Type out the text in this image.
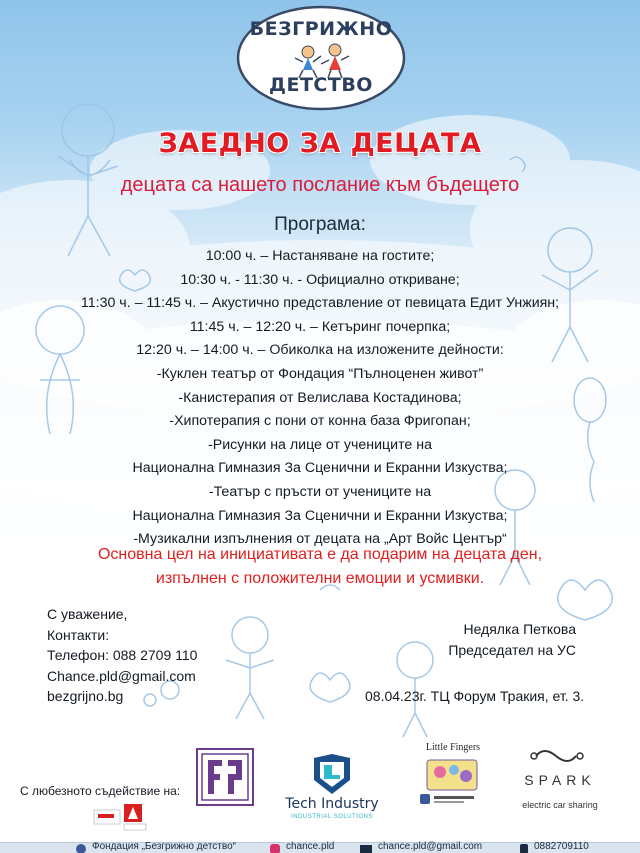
БЕЗГРИЖНО
ДЕТСТВО
ЗАЕДНО ЗА ДЕЦАТА
децата са нашето послание към бъдещето
Програма:
10:00 ч. – Настаняване на гостите;
10:30 ч. - 11:30 ч. - Официално откриване;
11:30 ч. – 11:45 ч. – Акустично представление от певицата Едит Унжиян;
11:45 ч. – 12:20 ч. – Кетъринг почерпка;
12:20 ч. – 14:00 ч. – Обиколка на изложените дейности:
-Куклен театър от Фондация “Пълноценен живот”
-Канистерапия от Велислава Костадинова;
-Хипотерапия с пони от конна база Фригопан;
-Рисунки на лице от учениците на
Национална Гимназия За Сценични и Екранни Изкуства;
-Театър с пръсти от учениците на
Национална Гимназия За Сценични и Екранни Изкуства;
-Музикални изпълнения от децата на „Арт Войс Център“
Основна цел на инициативата е да подарим на децата ден,
изпълнен с положителни емоции и усмивки.
С уважение,
Контакти:
Телефон: 088 2709 110
Chance.pld@gmail.com
bezgrijno.bg
Недялка Петкова
Председател на УС
08.04.23г. ТЦ Форум Тракия, ет. 3.
С любезното съдействие на:
Tech Industry
INDUSTRIAL SOLUTIONS
Little Fingers
SPARK
electric car sharing
Фондация „Безгрижно детство“	chance.pld	chance.pld@gmail.com	0882709110
